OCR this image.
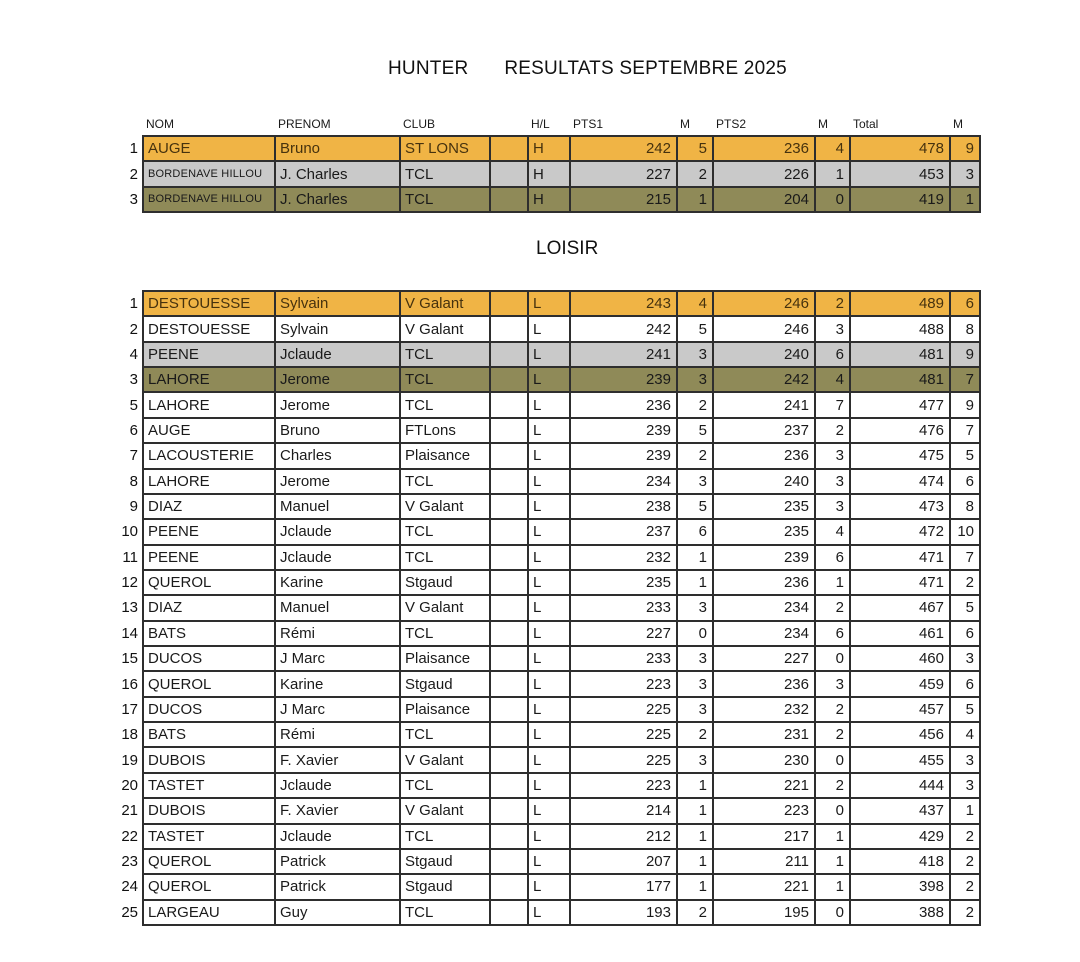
HUNTER RESULTATS SEPTEMBRE 2025
	NOM	PRENOM	CLUB		H/L	PTS1	M	PTS2	M	Total	M
1	AUGE	Bruno	ST LONS		H	242	5	236	4	478	9
2	BORDENAVE HILLOU	J. Charles	TCL		H	227	2	226	1	453	3
3	BORDENAVE HILLOU	J. Charles	TCL		H	215	1	204	0	419	1
LOISIR
1	DESTOUESSE	Sylvain	V Galant		L	243	4	246	2	489	6
2	DESTOUESSE	Sylvain	V Galant		L	242	5	246	3	488	8
4	PEENE	Jclaude	TCL		L	241	3	240	6	481	9
3	LAHORE	Jerome	TCL		L	239	3	242	4	481	7
5	LAHORE	Jerome	TCL		L	236	2	241	7	477	9
6	AUGE	Bruno	FTLons		L	239	5	237	2	476	7
7	LACOUSTERIE	Charles	Plaisance		L	239	2	236	3	475	5
8	LAHORE	Jerome	TCL		L	234	3	240	3	474	6
9	DIAZ	Manuel	V Galant		L	238	5	235	3	473	8
10	PEENE	Jclaude	TCL		L	237	6	235	4	472	10
11	PEENE	Jclaude	TCL		L	232	1	239	6	471	7
12	QUEROL	Karine	Stgaud		L	235	1	236	1	471	2
13	DIAZ	Manuel	V Galant		L	233	3	234	2	467	5
14	BATS	Rémi	TCL		L	227	0	234	6	461	6
15	DUCOS	J Marc	Plaisance		L	233	3	227	0	460	3
16	QUEROL	Karine	Stgaud		L	223	3	236	3	459	6
17	DUCOS	J Marc	Plaisance		L	225	3	232	2	457	5
18	BATS	Rémi	TCL		L	225	2	231	2	456	4
19	DUBOIS	F. Xavier	V Galant		L	225	3	230	0	455	3
20	TASTET	Jclaude	TCL		L	223	1	221	2	444	3
21	DUBOIS	F. Xavier	V Galant		L	214	1	223	0	437	1
22	TASTET	Jclaude	TCL		L	212	1	217	1	429	2
23	QUEROL	Patrick	Stgaud		L	207	1	211	1	418	2
24	QUEROL	Patrick	Stgaud		L	177	1	221	1	398	2
25	LARGEAU	Guy	TCL		L	193	2	195	0	388	2
